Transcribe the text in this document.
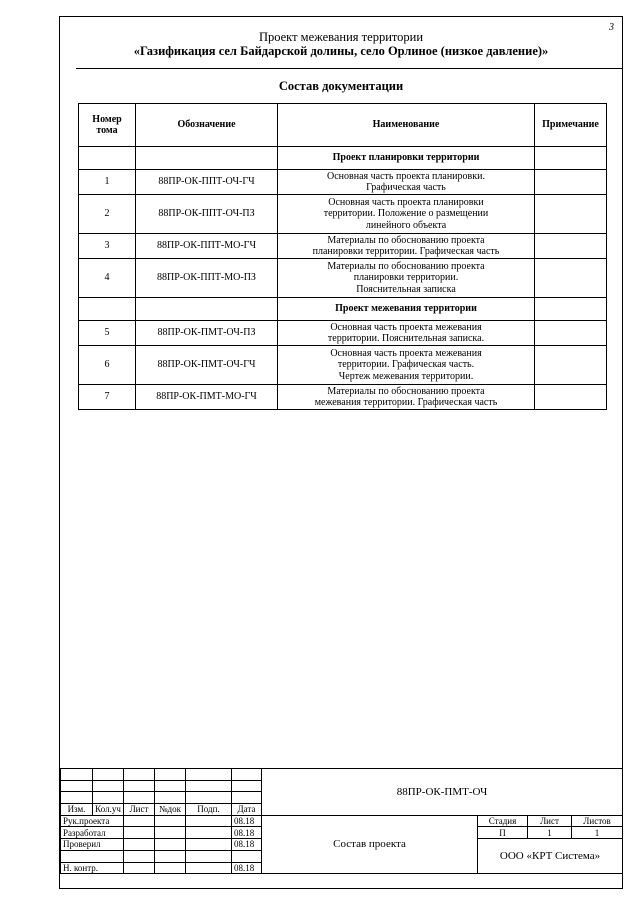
3
Проект межевания территории
«Газификация сел Байдарской долины, село Орлиное (низкое давление)»
Состав документации
Номер тома	Обозначение	Наименование	Примечание
		Проект планировки территории	
1	88ПР-ОК-ППТ-ОЧ-ГЧ	Основная часть проекта планировки.
Графическая часть	

2	88ПР-ОК-ППТ-ОЧ-ПЗ	Основная часть проекта планировки
территории. Положение о размещении
линейного объекта	

3	88ПР-ОК-ППТ-МО-ГЧ	Материалы по обоснованию проекта
планировки территории. Графическая часть	

4	88ПР-ОК-ППТ-МО-ПЗ	Материалы по обоснованию проекта
планировки территории.
Пояснительная записка	

		Проект межевания территории	
5	88ПР-ОК-ПМТ-ОЧ-ПЗ	Основная часть проекта межевания
территории. Пояснительная записка.	

6	88ПР-ОК-ПМТ-ОЧ-ГЧ	Основная часть проекта межевания
территории. Графическая часть.
Чертеж межевания территории.	

7	88ПР-ОК-ПМТ-МО-ГЧ	Материалы по обоснованию проекта
межевания территории. Графическая часть	

						88ПР-ОК-ПМТ-ОЧ			

Изм.	Кол.уч	Лист	№док	Подп.	Дата				
Рук.проекта					08.18	Состав проекта	Стадия	Лист	Листов
Разработал					08.18		П	1	1
Проверил					08.18		ООО «КРТ Система»		

Н. контр.					08.18				
